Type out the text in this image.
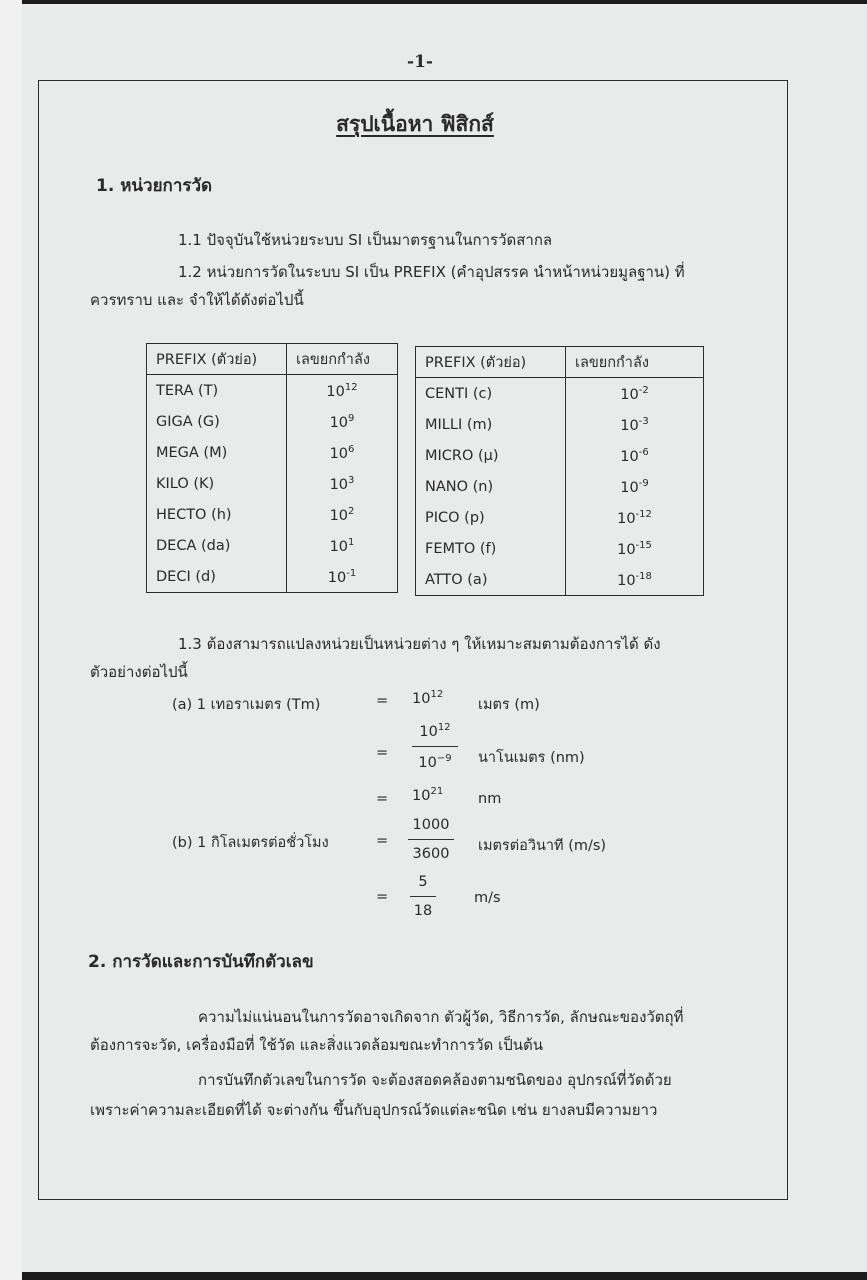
-1-
สรุปเนื้อหา ฟิสิกส์
1. หน่วยการวัด
1.1 ปัจจุบันใช้หน่วยระบบ SI เป็นมาตรฐานในการวัดสากล
1.2 หน่วยการวัดในระบบ SI เป็น PREFIX (คำอุปสรรค นำหน้าหน่วยมูลฐาน) ที่
ควรทราบ และ จำให้ได้ดังต่อไปนี้
PREFIX (ตัวย่อ)	เลขยกกำลัง
TERA (T)	$10^{12}$
GIGA (G)	$10^9$
MEGA (M)	$10^6$
KILO (K)	$10^3$
HECTO (h)	$10^2$
DECA (da)	$10^1$
DECI (d)	$10^{-1}$
PREFIX (ตัวย่อ)	เลขยกกำลัง
CENTI (c)	$10^{-2}$
MILLI (m)	$10^{-3}$
MICRO (µ)	$10^{-6}$
NANO (n)	$10^{-9}$
PICO (p)	$10^{-12}$
FEMTO (f)	$10^{-15}$
ATTO (a)	$10^{-18}$
1.3 ต้องสามารถแปลงหน่วยเป็นหน่วยต่าง ๆ ให้เหมาะสมตามต้องการได้ ดัง
ตัวอย่างต่อไปนี้
(a) 1 เทอราเมตร (Tm)	= $10^{12}$
เมตร (m)
=
$10^{12}$
$10^{-9}$	นาโนเมตร (nm)
= $10^{21}$ nm
(b) 1 กิโลเมตรต่อชั่วโมง	=
1000
3600	เมตรต่อวินาที (m/s)
=
5
18
m/s
2. การวัดและการบันทึกตัวเลข
ความไม่แน่นอนในการวัดอาจเกิดจาก ตัวผู้วัด, วิธีการวัด, ลักษณะของวัตถุที่
ต้องการจะวัด, เครื่องมือที่ ใช้วัด และสิ่งแวดล้อมขณะทำการวัด เป็นต้น
การบันทึกตัวเลขในการวัด จะต้องสอดคล้องตามชนิดของ อุปกรณ์ที่วัดด้วย
เพราะค่าความละเอียดที่ได้ จะต่างกัน ขึ้นกับอุปกรณ์วัดแต่ละชนิด เช่น ยางลบมีความยาว
